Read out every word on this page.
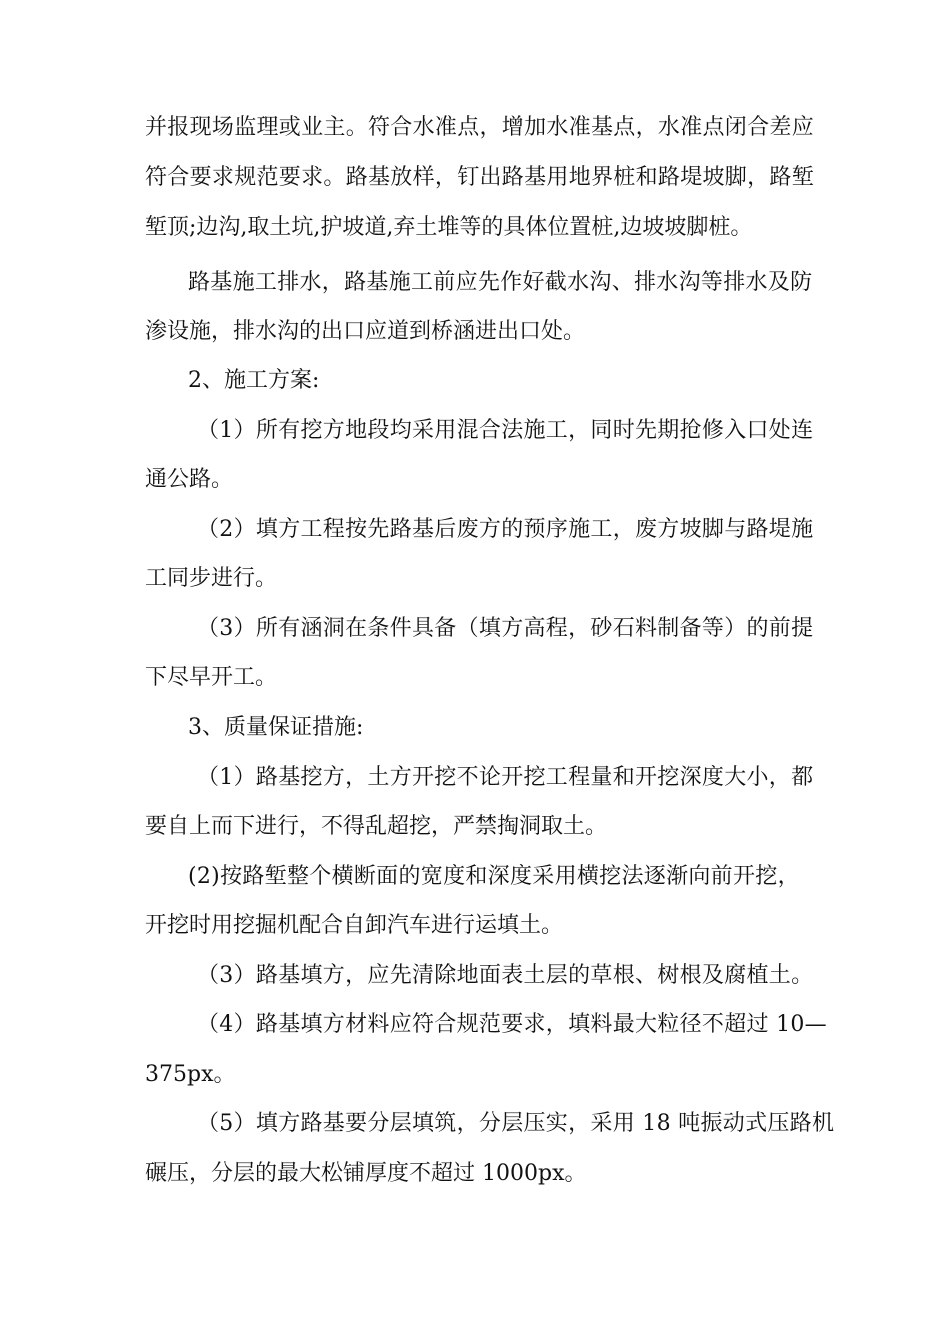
并报现场监理或业主。符合水准点，增加水准基点，水准点闭合差应
符合要求规范要求。路基放样，钉出路基用地界桩和路堤坡脚，路堑
堑顶;边沟,取土坑,护坡道,弃土堆等的具体位置桩,边坡坡脚桩。
路基施工排水，路基施工前应先作好截水沟、排水沟等排水及防
渗设施，排水沟的出口应道到桥涵进出口处。
2、施工方案:
（1）所有挖方地段均采用混合法施工，同时先期抢修入口处连
通公路。
（2）填方工程按先路基后废方的预序施工，废方坡脚与路堤施
工同步进行。
（3）所有涵洞在条件具备（填方高程，砂石料制备等）的前提
下尽早开工。
3、质量保证措施:
（1）路基挖方，土方开挖不论开挖工程量和开挖深度大小，都
要自上而下进行，不得乱超挖，严禁掏洞取土。
(2)按路堑整个横断面的宽度和深度采用横挖法逐渐向前开挖，
开挖时用挖掘机配合自卸汽车进行运填土。
（3）路基填方，应先清除地面表土层的草根、树根及腐植土。
（4）路基填方材料应符合规范要求，填料最大粒径不超过 10—
375px。
（5）填方路基要分层填筑，分层压实，采用 18 吨振动式压路机
碾压，分层的最大松铺厚度不超过 1000px。
